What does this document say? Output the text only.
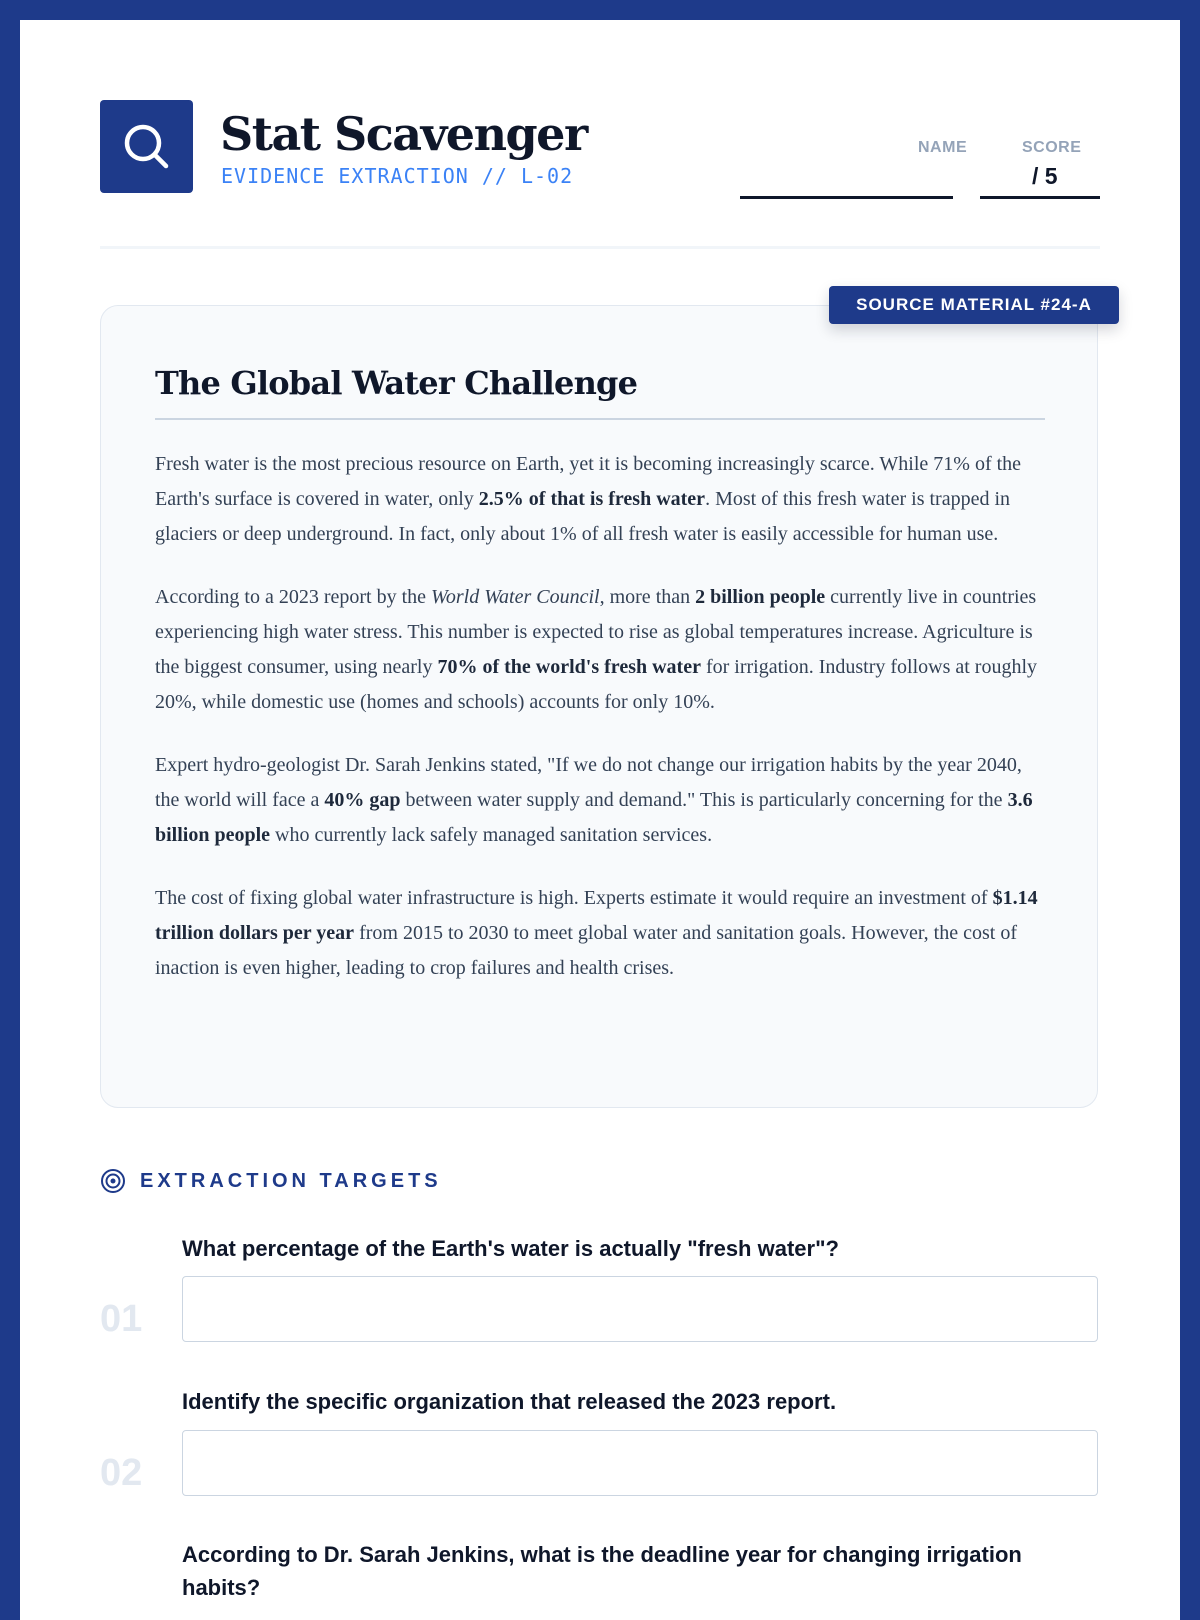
Stat Scavenger
EVIDENCE EXTRACTION // L-02
NAME	SCORE
/ 5
The Global Water Challenge

Fresh water is the most precious resource on Earth, yet it is becoming increasingly scarce. While 71% of the Earth's surface is covered in water, only 2.5% of that is fresh water. Most of this fresh water is trapped in glaciers or deep underground. In fact, only about 1% of all fresh water is easily accessible for human use.

According to a 2023 report by the World Water Council, more than 2 billion people currently live in countries experiencing high water stress. This number is expected to rise as global temperatures increase. Agriculture is the biggest consumer, using nearly 70% of the world's fresh water for irrigation. Industry follows at roughly 20%, while domestic use (homes and schools) accounts for only 10%.

Expert hydro-geologist Dr. Sarah Jenkins stated, "If we do not change our irrigation habits by the year 2040, the world will face a 40% gap between water supply and demand." This is particularly concerning for the 3.6 billion people who currently lack safely managed sanitation services.

The cost of fixing global water infrastructure is high. Experts estimate it would require an investment of $1.14 trillion dollars per year from 2015 to 2030 to meet global water and sanitation goals. However, the cost of inaction is even higher, leading to crop failures and health crises.

SOURCE MATERIAL #24-A
EXTRACTION TARGETS
What percentage of the Earth's water is actually "fresh water"?
01
Identify the specific organization that released the 2023 report.
02
According to Dr. Sarah Jenkins, what is the deadline year for changing irrigation habits?
